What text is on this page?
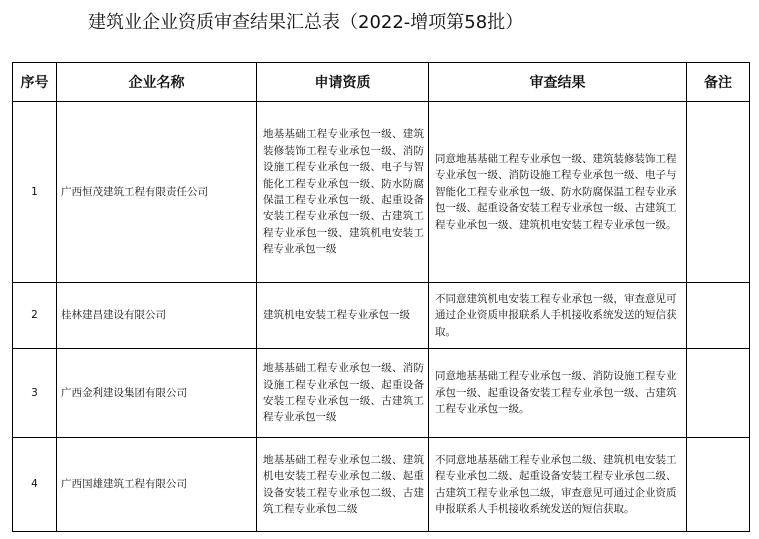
建筑业企业资质审查结果汇总表（2022-增项第58批）
序号	企业名称	申请资质	审查结果	备注
1	广西恒茂建筑工程有限责任公司	地基基础工程专业承包一级、建筑装修装饰工程专业承包一级、消防设施工程专业承包一级、电子与智能化工程专业承包一级、防水防腐保温工程专业承包一级、起重设备安装工程专业承包一级、古建筑工程专业承包一级、建筑机电安装工程专业承包一级	同意地基基础工程专业承包一级、建筑装修装饰工程专业承包一级、消防设施工程专业承包一级、电子与智能化工程专业承包一级、防水防腐保温工程专业承包一级、起重设备安装工程专业承包一级、古建筑工程专业承包一级、建筑机电安装工程专业承包一级。	
2	桂林建昌建设有限公司	建筑机电安装工程专业承包一级	不同意建筑机电安装工程专业承包一级，审查意见可通过企业资质申报联系人手机接收系统发送的短信获取。	
3	广西金利建设集团有限公司	地基基础工程专业承包一级、消防设施工程专业承包一级、起重设备安装工程专业承包一级、古建筑工程专业承包一级	同意地基基础工程专业承包一级、消防设施工程专业承包一级、起重设备安装工程专业承包一级、古建筑工程专业承包一级。	
4	广西国雄建筑工程有限公司	地基基础工程专业承包二级、建筑机电安装工程专业承包二级、起重设备安装工程专业承包二级、古建筑工程专业承包二级	不同意地基基础工程专业承包二级、建筑机电安装工程专业承包二级、起重设备安装工程专业承包二级、古建筑工程专业承包二级，审查意见可通过企业资质申报联系人手机接收系统发送的短信获取。	
